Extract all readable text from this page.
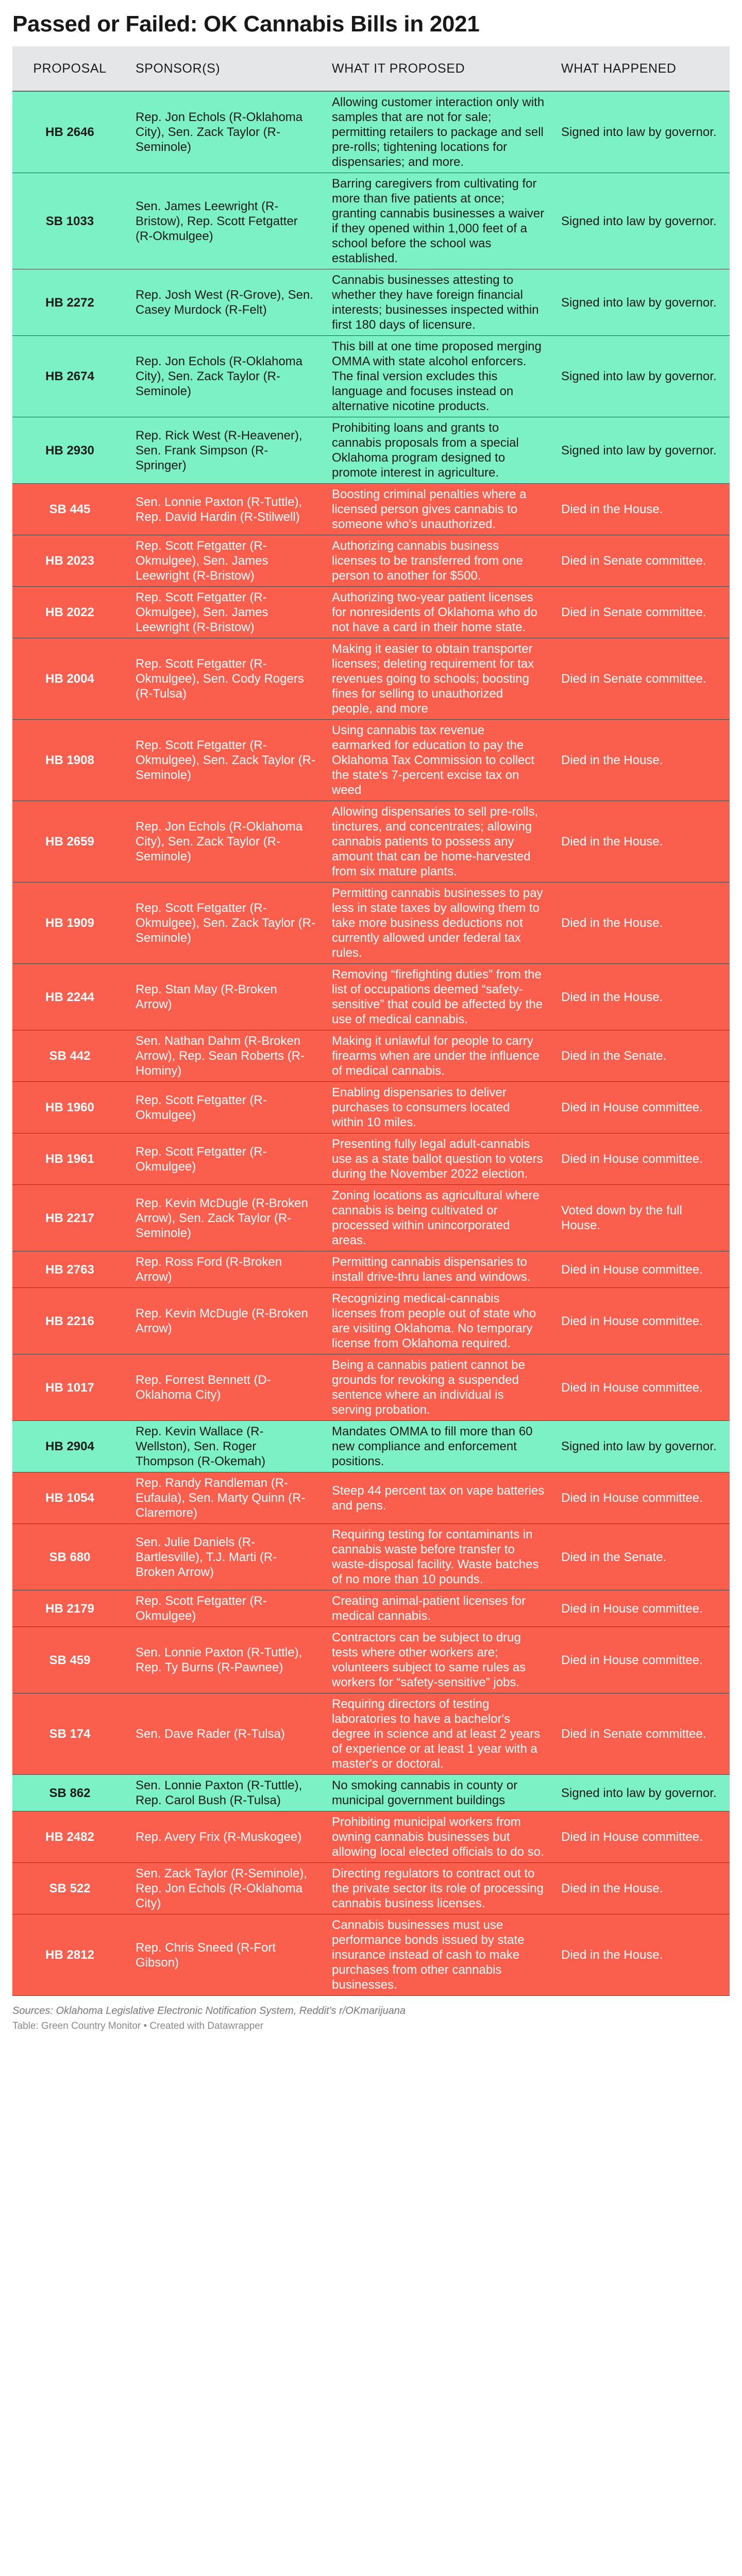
Passed or Failed: OK Cannabis Bills in 2021
PROPOSAL	SPONSOR(S)	WHAT IT PROPOSED	WHAT HAPPENED
HB 2646	Rep. Jon Echols (R-Oklahoma City), Sen. Zack Taylor (R-Seminole)	Allowing customer interaction only with samples that are not for sale; permitting retailers to package and sell pre-rolls; tightening locations for dispensaries; and more.	Signed into law by governor.
SB 1033	Sen. James Leewright (R-Bristow), Rep. Scott Fetgatter (R-Okmulgee)	Barring caregivers from cultivating for more than five patients at once; granting cannabis businesses a waiver if they opened within 1,000 feet of a school before the school was established.	Signed into law by governor.
HB 2272	Rep. Josh West (R-Grove), Sen. Casey Murdock (R-Felt)	Cannabis businesses attesting to whether they have foreign financial interests; businesses inspected within first 180 days of licensure.	Signed into law by governor.
HB 2674	Rep. Jon Echols (R-Oklahoma City), Sen. Zack Taylor (R-Seminole)	This bill at one time proposed merging OMMA with state alcohol enforcers. The final version excludes this language and focuses instead on alternative nicotine products.	Signed into law by governor.
HB 2930	Rep. Rick West (R-Heavener), Sen. Frank Simpson (R-Springer)	Prohibiting loans and grants to cannabis proposals from a special Oklahoma program designed to promote interest in agriculture.	Signed into law by governor.
SB 445	Sen. Lonnie Paxton (R-Tuttle), Rep. David Hardin (R-Stilwell)	Boosting criminal penalties where a licensed person gives cannabis to someone who's unauthorized.	Died in the House.
HB 2023	Rep. Scott Fetgatter (R-Okmulgee), Sen. James Leewright (R-Bristow)	Authorizing cannabis business licenses to be transferred from one person to another for $500.	Died in Senate committee.
HB 2022	Rep. Scott Fetgatter (R-Okmulgee), Sen. James Leewright (R-Bristow)	Authorizing two-year patient licenses for nonresidents of Oklahoma who do not have a card in their home state.	Died in Senate committee.
HB 2004	Rep. Scott Fetgatter (R-Okmulgee), Sen. Cody Rogers (R-Tulsa)	Making it easier to obtain transporter licenses; deleting requirement for tax revenues going to schools; boosting fines for selling to unauthorized people, and more	Died in Senate committee.
HB 1908	Rep. Scott Fetgatter (R-Okmulgee), Sen. Zack Taylor (R-Seminole)	Using cannabis tax revenue earmarked for education to pay the Oklahoma Tax Commission to collect the state's 7-percent excise tax on weed	Died in the House.
HB 2659	Rep. Jon Echols (R-Oklahoma City), Sen. Zack Taylor (R-Seminole)	Allowing dispensaries to sell pre-rolls, tinctures, and concentrates; allowing cannabis patients to possess any amount that can be home-harvested from six mature plants.	Died in the House.
HB 1909	Rep. Scott Fetgatter (R-Okmulgee), Sen. Zack Taylor (R-Seminole)	Permitting cannabis businesses to pay less in state taxes by allowing them to take more business deductions not currently allowed under federal tax rules.	Died in the House.
HB 2244	Rep. Stan May (R-Broken Arrow)	Removing “firefighting duties” from the list of occupations deemed “safety-sensitive” that could be affected by the use of medical cannabis.	Died in the House.
SB 442	Sen. Nathan Dahm (R-Broken Arrow), Rep. Sean Roberts (R-Hominy)	Making it unlawful for people to carry firearms when are under the influence of medical cannabis.	Died in the Senate.
HB 1960	Rep. Scott Fetgatter (R-Okmulgee)	Enabling dispensaries to deliver purchases to consumers located within 10 miles.	Died in House committee.
HB 1961	Rep. Scott Fetgatter (R-Okmulgee)	Presenting fully legal adult-cannabis use as a state ballot question to voters during the November 2022 election.	Died in House committee.
HB 2217	Rep. Kevin McDugle (R-Broken Arrow), Sen. Zack Taylor (R-Seminole)	Zoning locations as agricultural where cannabis is being cultivated or processed within unincorporated areas.	Voted down by the full House.
HB 2763	Rep. Ross Ford (R-Broken Arrow)	Permitting cannabis dispensaries to install drive-thru lanes and windows.	Died in House committee.
HB 2216	Rep. Kevin McDugle (R-Broken Arrow)	Recognizing medical-cannabis licenses from people out of state who are visiting Oklahoma. No temporary license from Oklahoma required.	Died in House committee.
HB 1017	Rep. Forrest Bennett (D-Oklahoma City)	Being a cannabis patient cannot be grounds for revoking a suspended sentence where an individual is serving probation.	Died in House committee.
HB 2904	Rep. Kevin Wallace (R-Wellston), Sen. Roger Thompson (R-Okemah)	Mandates OMMA to fill more than 60 new compliance and enforcement positions.	Signed into law by governor.
HB 1054	Rep. Randy Randleman (R-Eufaula), Sen. Marty Quinn (R-Claremore)	Steep 44 percent tax on vape batteries and pens.	Died in House committee.
SB 680	Sen. Julie Daniels (R-Bartlesville), T.J. Marti (R-Broken Arrow)	Requiring testing for contaminants in cannabis waste before transfer to waste-disposal facility. Waste batches of no more than 10 pounds.	Died in the Senate.
HB 2179	Rep. Scott Fetgatter (R-Okmulgee)	Creating animal-patient licenses for medical cannabis.	Died in House committee.
SB 459	Sen. Lonnie Paxton (R-Tuttle), Rep. Ty Burns (R-Pawnee)	Contractors can be subject to drug tests where other workers are; volunteers subject to same rules as workers for “safety-sensitive” jobs.	Died in House committee.
SB 174	Sen. Dave Rader (R-Tulsa)	Requiring directors of testing laboratories to have a bachelor's degree in science and at least 2 years of experience or at least 1 year with a master's or doctoral.	Died in Senate committee.
SB 862	Sen. Lonnie Paxton (R-Tuttle), Rep. Carol Bush (R-Tulsa)	No smoking cannabis in county or municipal government buildings	Signed into law by governor.
HB 2482	Rep. Avery Frix (R-Muskogee)	Prohibiting municipal workers from owning cannabis businesses but allowing local elected officials to do so.	Died in House committee.
SB 522	Sen. Zack Taylor (R-Seminole), Rep. Jon Echols (R-Oklahoma City)	Directing regulators to contract out to the private sector its role of processing cannabis business licenses.	Died in the House.
HB 2812	Rep. Chris Sneed (R-Fort Gibson)	Cannabis businesses must use performance bonds issued by state insurance instead of cash to make purchases from other cannabis businesses.	Died in the House.
Sources: Oklahoma Legislative Electronic Notification System, Reddit's r/OKmarijuana
Table: Green Country Monitor • Created with Datawrapper
